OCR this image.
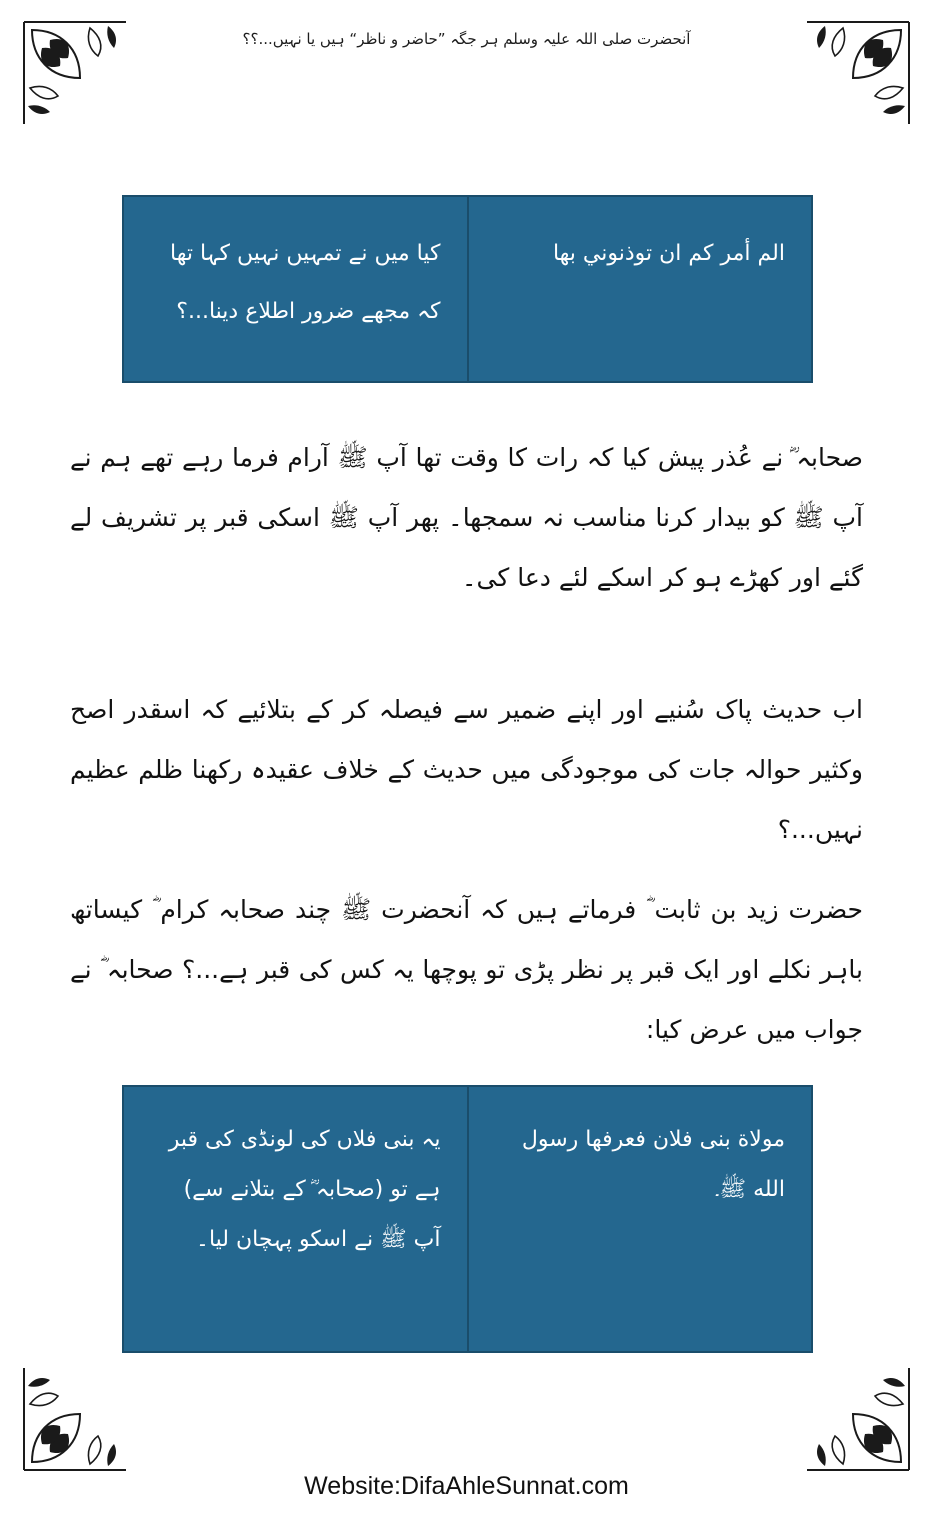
آنحضرت صلی اللہ علیہ وسلم ہر جگہ ”حاضر و ناظر“ ہیں یا نہیں...؟؟
الم أمر كم ان توذنوني بها
کیا میں نے تمہیں نہیں کہا تھا کہ مجھے ضرور اطلاع دینا...؟
صحابہ ؓ نے عُذر پیش کیا کہ رات کا وقت تھا آپ ﷺ آرام فرما رہے تھے ہم نے آپ ﷺ کو بیدار کرنا مناسب نہ سمجھا۔ پھر آپ ﷺ اسکی قبر پر تشریف لے گئے اور کھڑے ہو کر اسکے لئے دعا کی۔
اب حدیث پاک سُنیے اور اپنے ضمیر سے فیصلہ کر کے بتلائیے کہ اسقدر اصح وکثیر حوالہ جات کی موجودگی میں حدیث کے خلاف عقیدہ رکھنا ظلم عظیم نہیں...؟
حضرت زید بن ثابت ؓ فرماتے ہیں کہ آنحضرت ﷺ چند صحابہ کرام ؓ کیساتھ باہر نکلے اور ایک قبر پر نظر پڑی تو پوچھا یہ کس کی قبر ہے...؟ صحابہ ؓ نے جواب میں عرض کیا:
مولاة بنی فلان فعرفها رسول الله ﷺ۔
یہ بنی فلاں کی لونڈی کی قبر ہے تو (صحابہ ؓ کے بتلانے سے) آپ ﷺ نے اسکو پہچان لیا۔
Website:DifaAhleSunnat.com
